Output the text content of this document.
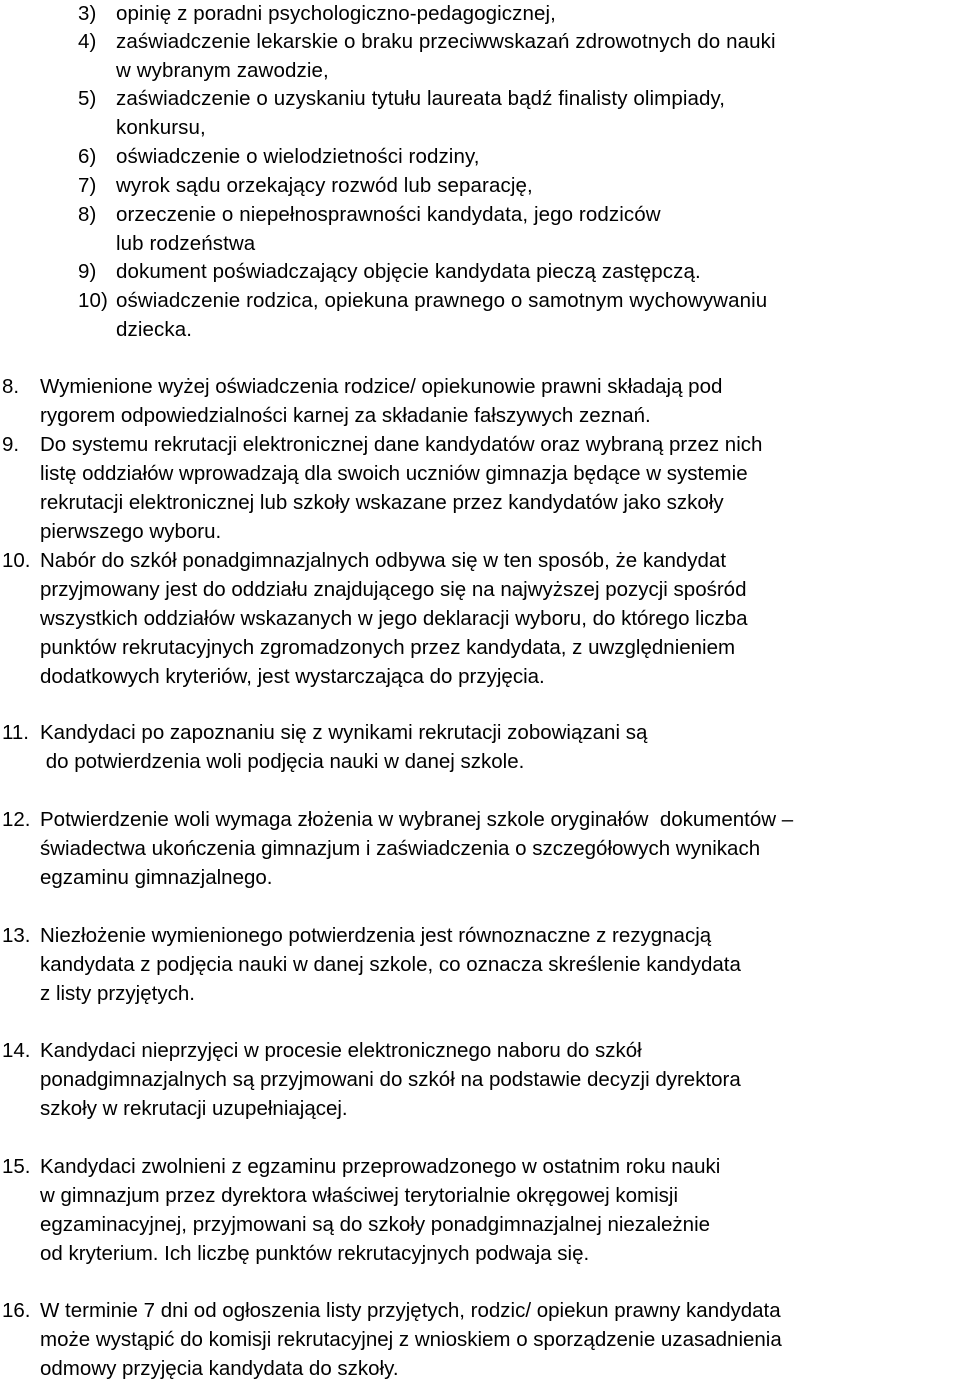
3) opinię z poradni psychologiczno-pedagogicznej,
4) zaświadczenie lekarskie o braku przeciwwskazań zdrowotnych do nauki
w wybranym zawodzie,
5) zaświadczenie o uzyskaniu tytułu laureata bądź finalisty olimpiady,
konkursu,
6) oświadczenie o wielodzietności rodziny,
7) wyrok sądu orzekający rozwód lub separację,
8) orzeczenie o niepełnosprawności kandydata, jego rodziców
lub rodzeństwa
9) dokument poświadczający objęcie kandydata pieczą zastępczą.
10) oświadczenie rodzica, opiekuna prawnego o samotnym wychowywaniu
dziecka.
8. Wymienione wyżej oświadczenia rodzice/ opiekunowie prawni składają pod
rygorem odpowiedzialności karnej za składanie fałszywych zeznań.
9. Do systemu rekrutacji elektronicznej dane kandydatów oraz wybraną przez nich
listę oddziałów wprowadzają dla swoich uczniów gimnazja będące w systemie
rekrutacji elektronicznej lub szkoły wskazane przez kandydatów jako szkoły
pierwszego wyboru.
10. Nabór do szkół ponadgimnazjalnych odbywa się w ten sposób, że kandydat
przyjmowany jest do oddziału znajdującego się na najwyższej pozycji spośród
wszystkich oddziałów wskazanych w jego deklaracji wyboru, do którego liczba
punktów rekrutacyjnych zgromadzonych przez kandydata, z uwzględnieniem
dodatkowych kryteriów, jest wystarczająca do przyjęcia.
11. Kandydaci po zapoznaniu się z wynikami rekrutacji zobowiązani są
do potwierdzenia woli podjęcia nauki w danej szkole.
12. Potwierdzenie woli wymaga złożenia w wybranej szkole oryginałów  dokumentów –
świadectwa ukończenia gimnazjum i zaświadczenia o szczegółowych wynikach
egzaminu gimnazjalnego.
13. Niezłożenie wymienionego potwierdzenia jest równoznaczne z rezygnacją
kandydata z podjęcia nauki w danej szkole, co oznacza skreślenie kandydata
z listy przyjętych.
14. Kandydaci nieprzyjęci w procesie elektronicznego naboru do szkół
ponadgimnazjalnych są przyjmowani do szkół na podstawie decyzji dyrektora
szkoły w rekrutacji uzupełniającej.
15. Kandydaci zwolnieni z egzaminu przeprowadzonego w ostatnim roku nauki
w gimnazjum przez dyrektora właściwej terytorialnie okręgowej komisji
egzaminacyjnej, przyjmowani są do szkoły ponadgimnazjalnej niezależnie
od kryterium. Ich liczbę punktów rekrutacyjnych podwaja się.
16. W terminie 7 dni od ogłoszenia listy przyjętych, rodzic/ opiekun prawny kandydata
może wystąpić do komisji rekrutacyjnej z wnioskiem o sporządzenie uzasadnienia
odmowy przyjęcia kandydata do szkoły.
